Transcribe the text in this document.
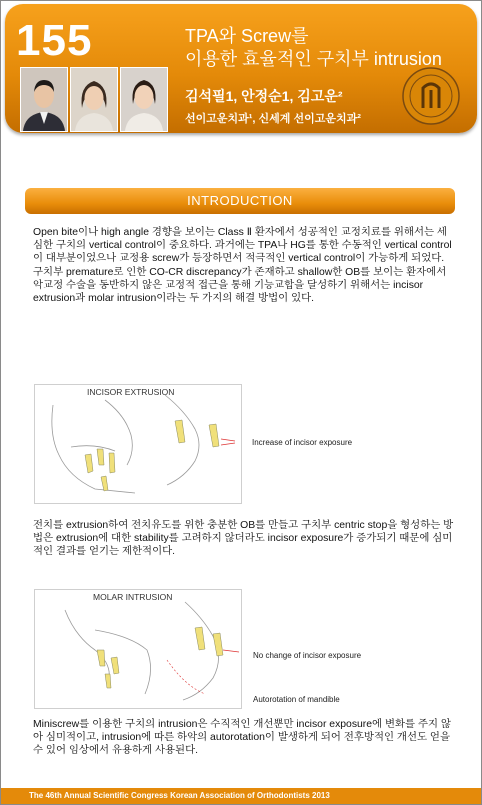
155	TPA와 Screw를
이용한 효율적인 구치부 intrusion
김석필1, 안정순1, 김고운²
선이고운치과¹, 신세계 선이고운치과²
INTRODUCTION

Open bite이나 high angle 경향을 보이는 Class Ⅱ 환자에서 성공적인 교정치료를 위해서는 세심한 구치의 vertical control이 중요하다. 과거에는 TPA나 HG를 통한 수동적인 vertical control이 대부분이었으나 교정용 screw가 등장하면서 적극적인 vertical control이 가능하게 되었다.

구치부 premature로 인한 CO-CR discrepancy가 존재하고 shallow한 OB를 보이는 환자에서 악교정 수술을 동반하지 않은 교정적 접근을 통해 기능교합을 달성하기 위해서는 incisor extrusion과 molar intrusion이라는 두 가지의 해결 방법이 있다.

INCISOR EXTRUSION
Increase of incisor exposure
전치를 extrusion하여 전치유도를 위한 충분한 OB를 만들고 구치부 centric stop을 형성하는 방법은 extrusion에 대한 stability를 고려하지 않더라도 incisor exposure가 증가되기 때문에 심미적인 결과를 얻기는 제한적이다.
MOLAR INTRUSION
No change of incisor exposure
Autorotation of mandible
Miniscrew를 이용한 구치의 intrusion은 수직적인 개선뿐만 incisor exposure에 변화를 주지 않아 심미적이고, intrusion에 따른 하악의 autorotation이 발생하게 되어 전후방적인 개선도 얻을 수 있어 임상에서 유용하게 사용된다.
The 46th Annual Scientific Congress Korean Association of Orthodontists 2013
